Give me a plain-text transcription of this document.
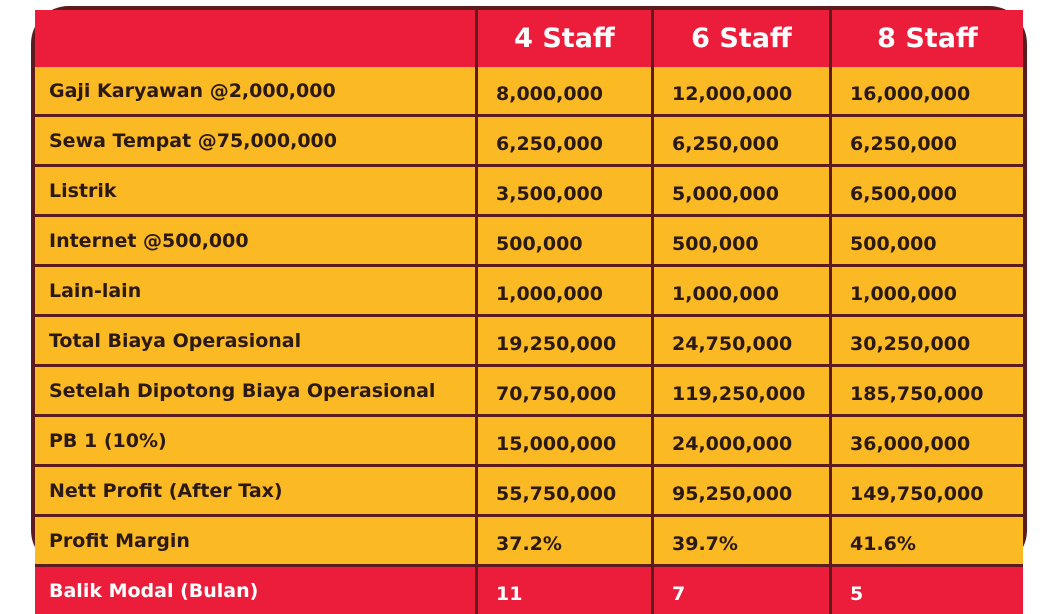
	4 Staff	6 Staff	8 Staff
Gaji Karyawan @2,000,000	8,000,000	12,000,000	16,000,000
Sewa Tempat @75,000,000	6,250,000	6,250,000	6,250,000
Listrik	3,500,000	5,000,000	6,500,000
Internet @500,000	500,000	500,000	500,000
Lain-lain	1,000,000	1,000,000	1,000,000
Total Biaya Operasional	19,250,000	24,750,000	30,250,000
Setelah Dipotong Biaya Operasional	70,750,000	119,250,000	185,750,000
PB 1 (10%)	15,000,000	24,000,000	36,000,000
Nett Profit (After Tax)	55,750,000	95,250,000	149,750,000
Profit Margin	37.2%	39.7%	41.6%
Balik Modal (Bulan)	11	7	5
